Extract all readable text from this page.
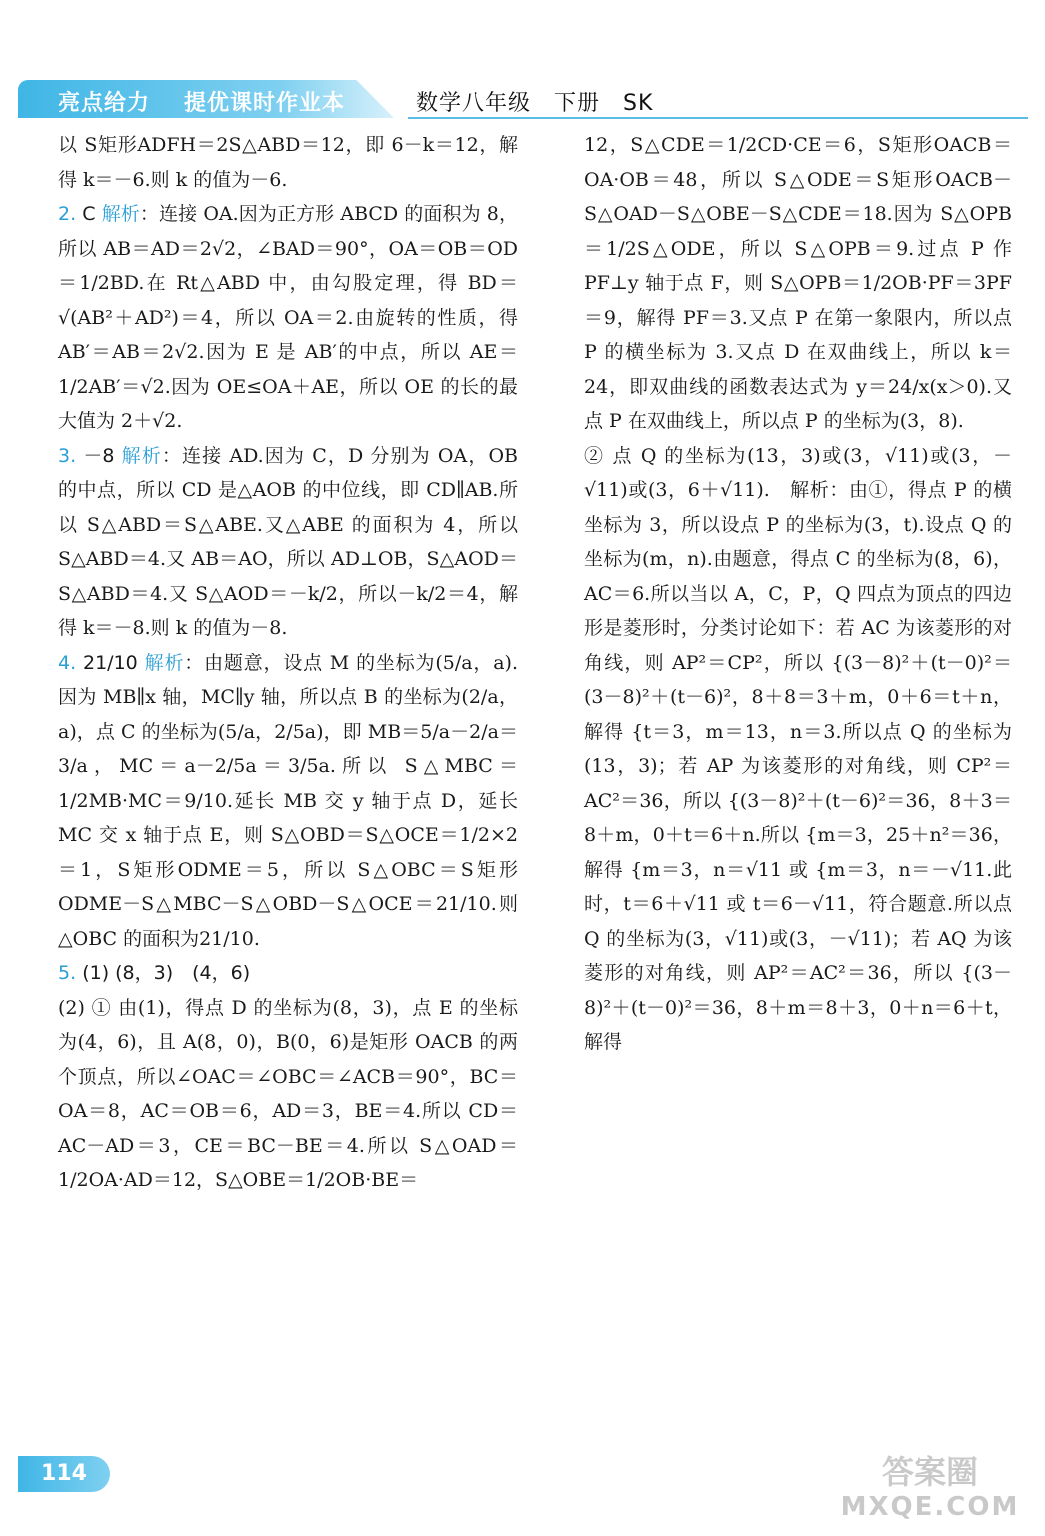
亮点给力 提优课时作业本	数学八年级　下册　SK

以 S矩形ADFH＝2S△ABD＝12，即 6－k＝12，解得 k＝－6.则 k 的值为－6.

2. C 解析：连接 OA.因为正方形 ABCD 的面积为 8，所以 AB＝AD＝2√2，∠BAD＝90°，OA＝OB＝OD＝1/2BD.在 Rt△ABD 中，由勾股定理，得 BD＝√(AB²＋AD²)＝4，所以 OA＝2.由旋转的性质，得 AB′＝AB＝2√2.因为 E 是 AB′的中点，所以 AE＝1/2AB′＝√2.因为 OE≤OA＋AE，所以 OE 的长的最大值为 2＋√2.

3. －8 解析：连接 AD.因为 C，D 分别为 OA，OB 的中点，所以 CD 是△AOB 的中位线，即 CD∥AB.所以 S△ABD＝S△ABE.又△ABE 的面积为 4，所以 S△ABD＝4.又 AB＝AO，所以 AD⊥OB，S△AOD＝S△ABD＝4.又 S△AOD＝－k/2，所以－k/2＝4，解得 k＝－8.则 k 的值为－8.

4. 21/10 解析：由题意，设点 M 的坐标为(5/a，a).因为 MB∥x 轴，MC∥y 轴，所以点 B 的坐标为(2/a，a)，点 C 的坐标为(5/a，2/5a)，即 MB＝5/a－2/a＝3/a，MC＝a－2/5a＝3/5a.所以 S△MBC＝1/2MB·MC＝9/10.延长 MB 交 y 轴于点 D，延长 MC 交 x 轴于点 E，则 S△OBD＝S△OCE＝1/2×2＝1，S矩形ODME＝5，所以 S△OBC＝S矩形ODME－S△MBC－S△OBD－S△OCE＝21/10.则△OBC 的面积为21/10.

5. (1) (8，3)　(4，6)

(2) ① 由(1)，得点 D 的坐标为(8，3)，点 E 的坐标为(4，6)，且 A(8，0)，B(0，6)是矩形 OACB 的两个顶点，所以∠OAC＝∠OBC＝∠ACB＝90°，BC＝OA＝8，AC＝OB＝6，AD＝3，BE＝4.所以 CD＝AC－AD＝3，CE＝BC－BE＝4.所以 S△OAD＝1/2OA·AD＝12，S△OBE＝1/2OB·BE＝

12，S△CDE＝1/2CD·CE＝6，S矩形OACB＝OA·OB＝48，所以 S△ODE＝S矩形OACB－S△OAD－S△OBE－S△CDE＝18.因为 S△OPB＝1/2S△ODE，所以 S△OPB＝9.过点 P 作 PF⊥y 轴于点 F，则 S△OPB＝1/2OB·PF＝3PF＝9，解得 PF＝3.又点 P 在第一象限内，所以点 P 的横坐标为 3.又点 D 在双曲线上，所以 k＝24，即双曲线的函数表达式为 y＝24/x(x＞0).又点 P 在双曲线上，所以点 P 的坐标为(3，8).

② 点 Q 的坐标为(13，3)或(3，√11)或(3，－√11)或(3，6＋√11).　解析：由①，得点 P 的横坐标为 3，所以设点 P 的坐标为(3，t).设点 Q 的坐标为(m，n).由题意，得点 C 的坐标为(8，6)，AC＝6.所以当以 A，C，P，Q 四点为顶点的四边形是菱形时，分类讨论如下：若 AC 为该菱形的对角线，则 AP²＝CP²，所以 {(3－8)²＋(t－0)²＝(3－8)²＋(t－6)²，8＋8＝3＋m，0＋6＝t＋n，解得 {t＝3，m＝13，n＝3.所以点 Q 的坐标为(13，3)；若 AP 为该菱形的对角线，则 CP²＝AC²＝36，所以 {(3－8)²＋(t－6)²＝36，8＋3＝8＋m，0＋t＝6＋n.所以 {m＝3，25＋n²＝36，解得 {m＝3，n＝√11 或 {m＝3，n＝－√11.此时，t＝6＋√11 或 t＝6－√11，符合题意.所以点 Q 的坐标为(3，√11)或(3，－√11)；若 AQ 为该菱形的对角线，则 AP²＝AC²＝36，所以 {(3－8)²＋(t－0)²＝36，8＋m＝8＋3，0＋n＝6＋t，解得

114	答案圈
MXQE.COM
